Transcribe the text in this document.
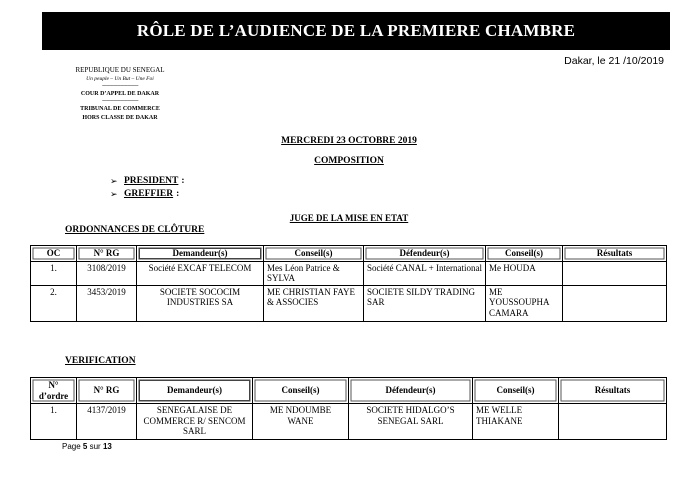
RÔLE DE L’AUDIENCE DE LA PREMIERE CHAMBRE
Dakar, le 21 /10/2019
REPUBLIQUE DU SENEGAL
Un peuple – Un But – Une Foi
-------------------------------
COUR D’APPEL DE DAKAR
-------------------------------
TRIBUNAL DE COMMERCE
HORS CLASSE DE DAKAR
MERCREDI 23 OCTOBRE 2019
COMPOSITION
➢ PRESIDENT :
➢ GREFFIER :
JUGE DE LA MISE EN ETAT
ORDONNANCES DE CLÔTURE
OC	N° RG	Demandeur(s)	Conseil(s)	Défendeur(s)	Conseil(s)	Résultats
1.	3108/2019	Société EXCAF TELECOM	Mes Léon Patrice & SYLVA	Société CANAL + International	Me HOUDA	
2.	3453/2019	SOCIETE SOCOCIM INDUSTRIES SA	ME CHRISTIAN FAYE & ASSOCIES	SOCIETE SILDY TRADING SAR	ME YOUSSOUPHA CAMARA	
VERIFICATION
N° d’ordre	N° RG	Demandeur(s)	Conseil(s)	Défendeur(s)	Conseil(s)	Résultats
1.	4137/2019	SENEGALAISE DE COMMERCE R/ SENCOM SARL	ME NDOUMBE WANE	SOCIETE HIDALGO’S SENEGAL SARL	ME WELLE THIAKANE	
Page 5 sur 13
